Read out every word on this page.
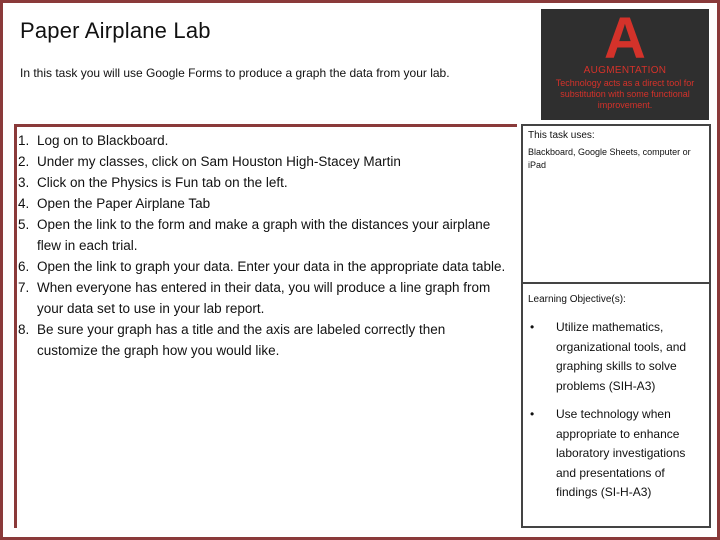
Paper Airplane Lab
In this task you will use Google Forms to produce a graph the data from your lab.
A
AUGMENTATION
Technology acts as a direct tool for substitution with some functional improvement.
1. Log on to Blackboard.
2. Under my classes, click on Sam Houston High-Stacey Martin
3. Click on the Physics is Fun tab on the left.
4. Open the Paper Airplane Tab
5. Open the link to the form and make a graph with the distances your airplane flew in each trial.
6. Open the link to graph your data. Enter your data in the appropriate data table.
7. When everyone has entered in their data, you will produce a line graph from your data set to use in your lab report.
8. Be sure your graph has a title and the axis are labeled correctly then customize the graph how you would like.
This task uses:
Blackboard, Google Sheets, computer or iPad
Learning Objective(s):
• Utilize mathematics, organizational tools, and graphing skills to solve problems (SIH-A3)
• Use technology when appropriate to enhance laboratory investigations and presentations of findings (SI-H-A3)
